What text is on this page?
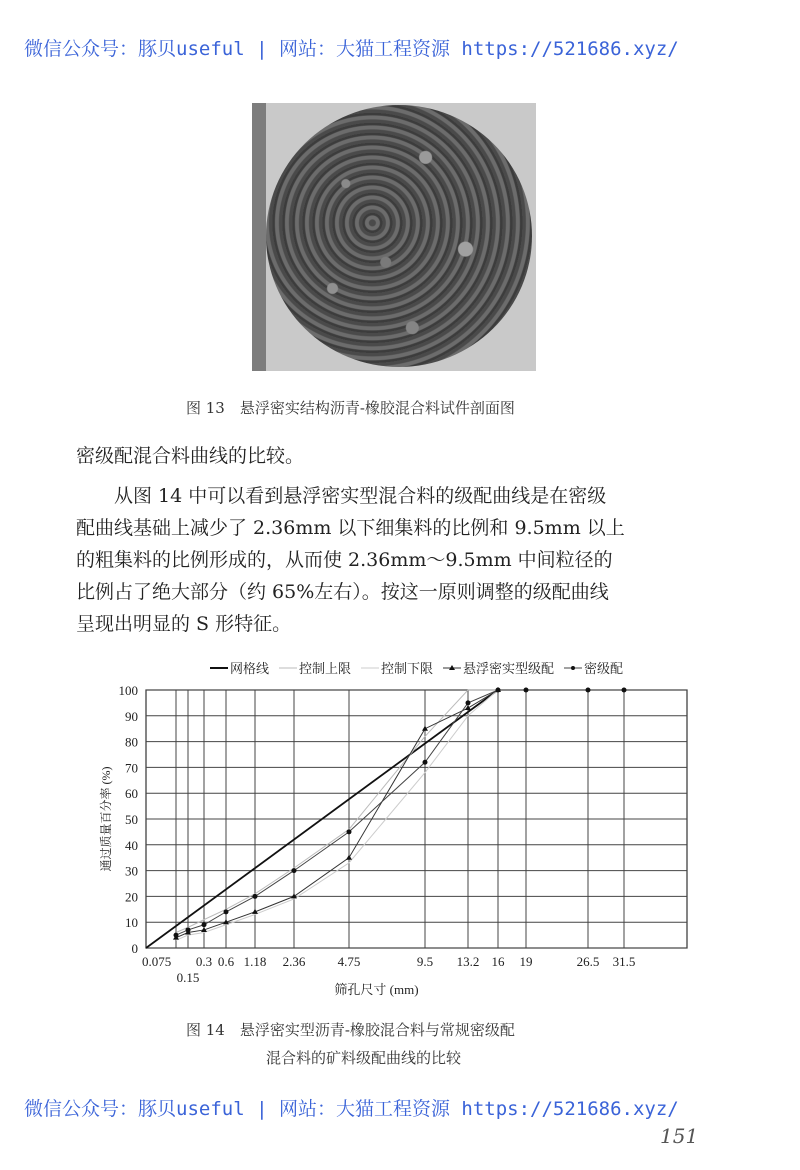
微信公众号：豚贝useful | 网站：大猫工程资源 https://521686.xyz/
图 13　悬浮密实结构沥青-橡胶混合料试件剖面图
密级配混合料曲线的比较。
　　从图 14 中可以看到悬浮密实型混合料的级配曲线是在密级
配曲线基础上减少了 2.36mm 以下细集料的比例和 9.5mm 以上
的粗集料的比例形成的，从而使 2.36mm～9.5mm 中间粒径的
比例占了绝大部分（约 65%左右）。按这一原则调整的级配曲线
呈现出明显的 S 形特征。
0
10
20
30
40
50
60
70
80
90
100
0.075
0.15
0.3 0.6 1.18 2.36 4.75	9.5 13.2 16 19	26.5 31.5
网格线 控制上限 控制下限 悬浮密实型级配 密级配
筛孔尺寸 (mm)
通过质量百分率 (%)
图 14　悬浮密实型沥青-橡胶混合料与常规密级配
混合料的矿料级配曲线的比较
微信公众号：豚贝useful | 网站：大猫工程资源 https://521686.xyz/
151
